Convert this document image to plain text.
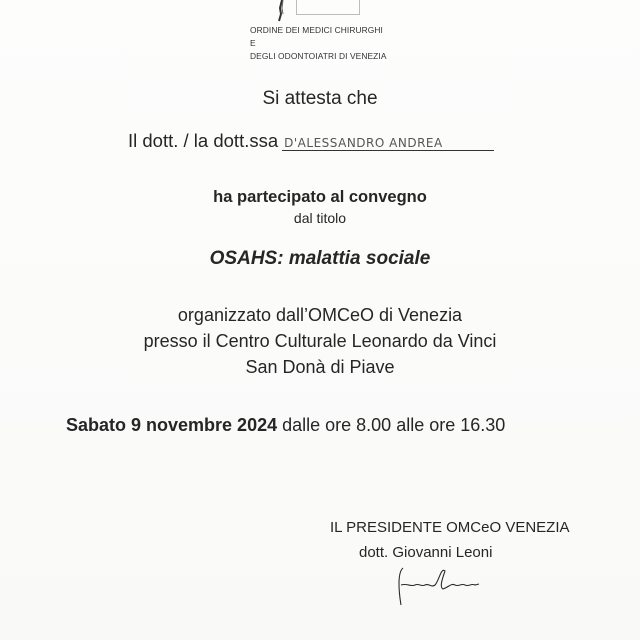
ORDINE DEI MEDICI CHIRURGHI E
DEGLI ODONTOIATRI DI VENEZIA
Si attesta che
Il dott. / la dott.ssa D'ALESSANDRO ANDREA
ha partecipato al convegno
dal titolo
OSAHS: malattia sociale
organizzato dall’OMCeO di Venezia
presso il Centro Culturale Leonardo da Vinci
San Donà di Piave
Sabato 9 novembre 2024 dalle ore 8.00 alle ore 16.30
IL PRESIDENTE OMCeO VENEZIA
dott. Giovanni Leoni
